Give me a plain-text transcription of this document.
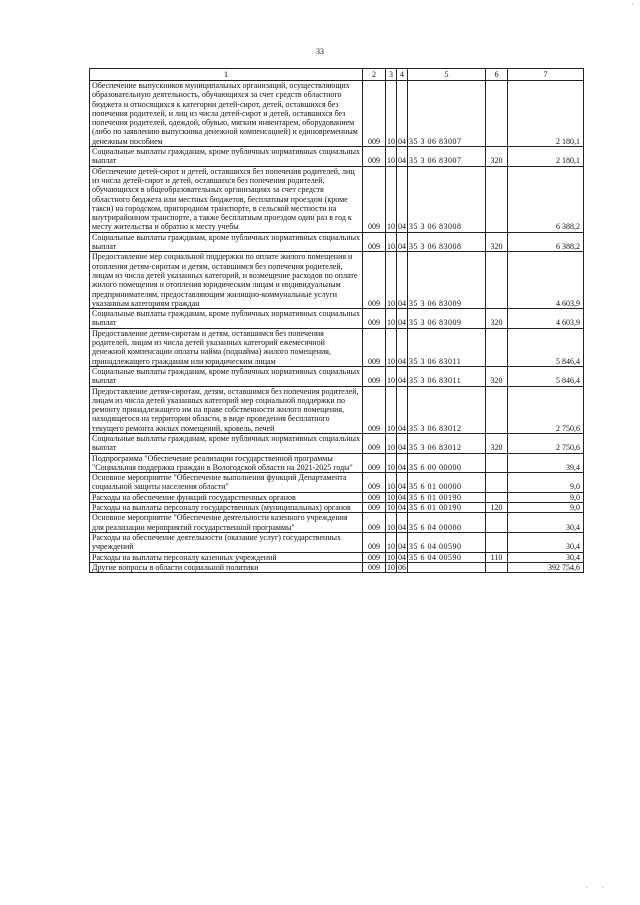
·
33
1	2	3	4	5	6	7
Обеспечение выпускников муниципальных организаций, осуществляющих образовательную деятельность, обучающихся за счет средств областного бюджета и относящихся к категории детей-сирот, детей, оставшихся без попечения родителей, и лиц из числа детей-сирот и детей, оставшихся без попечения родителей, одеждой, обувью, мягким инвентарем, оборудованием (либо по заявлению выпускника денежной компенсацией) и единовременным денежным пособием	009	10	04	35 3 06 83007		2 180,1
Социальные выплаты гражданам, кроме публичных нормативных социальных выплат	009	10	04	35 3 06 83007	320	2 180,1
Обеспечение детей-сирот и детей, оставшихся без попечения родителей, лиц из числа детей-сирот и детей, оставшихся без попечения родителей, обучающихся в общеобразовательных организациях за счет средств областного бюджета или местных бюджетов, бесплатным проездом (кроме такси) на городском, пригородном транспорте, в сельской местности на внутрирайонном транспорте, а также бесплатным проездом один раз в год к месту жительства и обратно к месту учебы	009	10	04	35 3 06 83008		6 388,2
Социальные выплаты гражданам, кроме публичных нормативных социальных выплат	009	10	04	35 3 06 83008	320	6 388,2
Предоставление мер социальной поддержки по оплате жилого помещения и отопления детям-сиротам и детям, оставшимся без попечения родителей, лицам из числа детей указанных категорий, и возмещение расходов по оплате жилого помещения и отопления юридическим лицам и индивидуальным предпринимателям, предоставляющим жилищно-коммунальные услуги указанным категориям граждан	009	10	04	35 3 06 83009		4 603,9
Социальные выплаты гражданам, кроме публичных нормативных социальных выплат	009	10	04	35 3 06 83009	320	4 603,9
Предоставление детям-сиротам и детям, оставшимся без попечения родителей, лицам из числа детей указанных категорий ежемесячной денежной компенсации оплаты найма (поднайма) жилого помещения, принадлежащего гражданам или юридическим лицам	009	10	04	35 3 06 83011		5 846,4
Социальные выплаты гражданам, кроме публичных нормативных социальных выплат	009	10	04	35 3 06 83011	320	5 846,4
Предоставление детям-сиротам, детям, оставшимся без попечения родителей, лицам из числа детей указанных категорий мер социальной поддержки по ремонту принадлежащего им на праве собственности жилого помещения, находящегося на территории области, в виде проведения бесплатного текущего ремонта жилых помещений, кровель, печей	009	10	04	35 3 06 83012		2 750,6
Социальные выплаты гражданам, кроме публичных нормативных социальных выплат	009	10	04	35 3 06 83012	320	2 750,6
Подпрограмма "Обеспечение реализации государственной программы "Социальная поддержка граждан в Вологодской области на 2021-2025 годы"	009	10	04	35 6 00 00000		39,4
Основное мероприятие "Обеспечение выполнения функций Департамента социальной защиты населения области"	009	10	04	35 6 01 00000		9,0
Расходы на обеспечение функций государственных органов	009	10	04	35 6 01 00190		9,0
Расходы на выплаты персоналу государственных (муниципальных) органов	009	10	04	35 6 01 00190	120	9,0
Основное мероприятие "Обеспечение деятельности казенного учреждения для реализации мероприятий государственной программы"	009	10	04	35 6 04 00000		30,4
Расходы на обеспечение деятельности (оказание услуг) государственных учреждений	009	10	04	35 6 04 00590		30,4
Расходы на выплаты персоналу казенных учреждений	009	10	04	35 6 04 00590	110	30,4
Другие вопросы в области социальной политики	009	10	06			392 754,6
· ·
